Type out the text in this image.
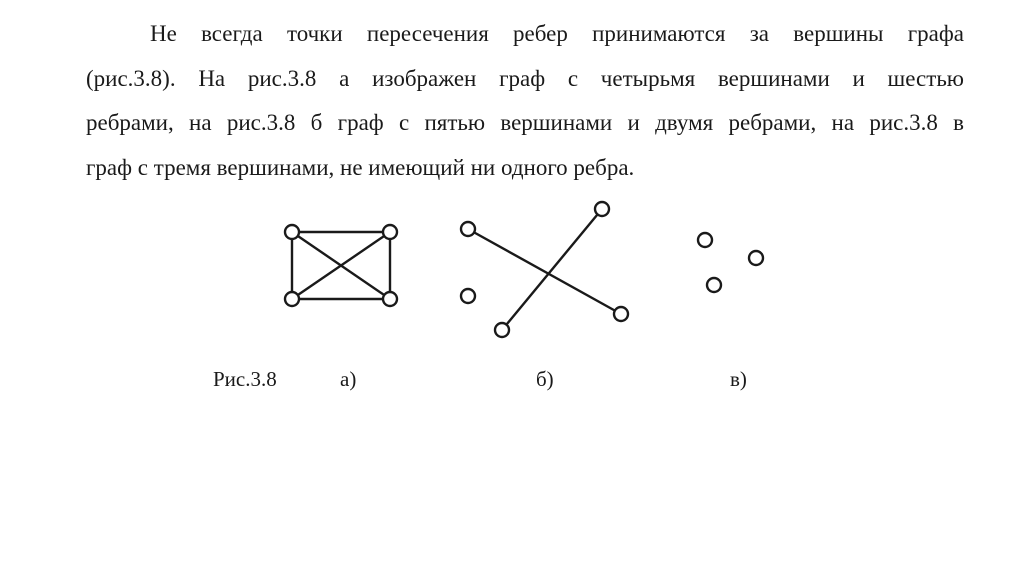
Не всегда точки пересечения ребер принимаются за вершины графа
(рис.3.8). На рис.3.8 а изображен граф с четырьмя вершинами и шестью
ребрами, на рис.3.8 б граф с пятью вершинами и двумя ребрами, на рис.3.8 в
граф с тремя вершинами, не имеющий ни одного ребра.
Рис.3.8	а)	б)	в)
